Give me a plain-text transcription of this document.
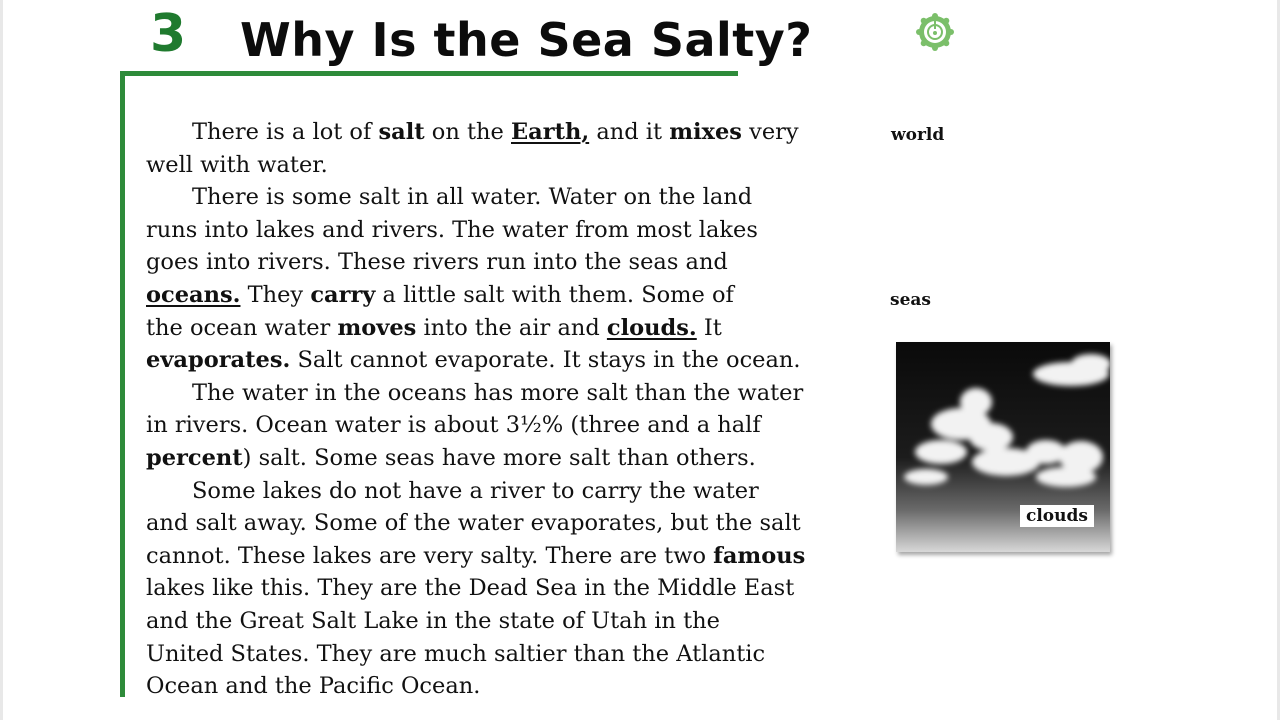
3 Why Is the Sea Salty?

There is a lot of salt on the Earth, and it mixes very
well with water.

There is some salt in all water. Water on the land
runs into lakes and rivers. The water from most lakes
goes into rivers. These rivers run into the seas and
oceans. They carry a little salt with them. Some of
the ocean water moves into the air and clouds. It
evaporates. Salt cannot evaporate. It stays in the ocean.

The water in the oceans has more salt than the water
in rivers. Ocean water is about 3½% (three and a half
percent) salt. Some seas have more salt than others.

Some lakes do not have a river to carry the water
and salt away. Some of the water evaporates, but the salt
cannot. These lakes are very salty. There are two famous
lakes like this. They are the Dead Sea in the Middle East
and the Great Salt Lake in the state of Utah in the
United States. They are much saltier than the Atlantic
Ocean and the Pacific Ocean.

world
seas
clouds
